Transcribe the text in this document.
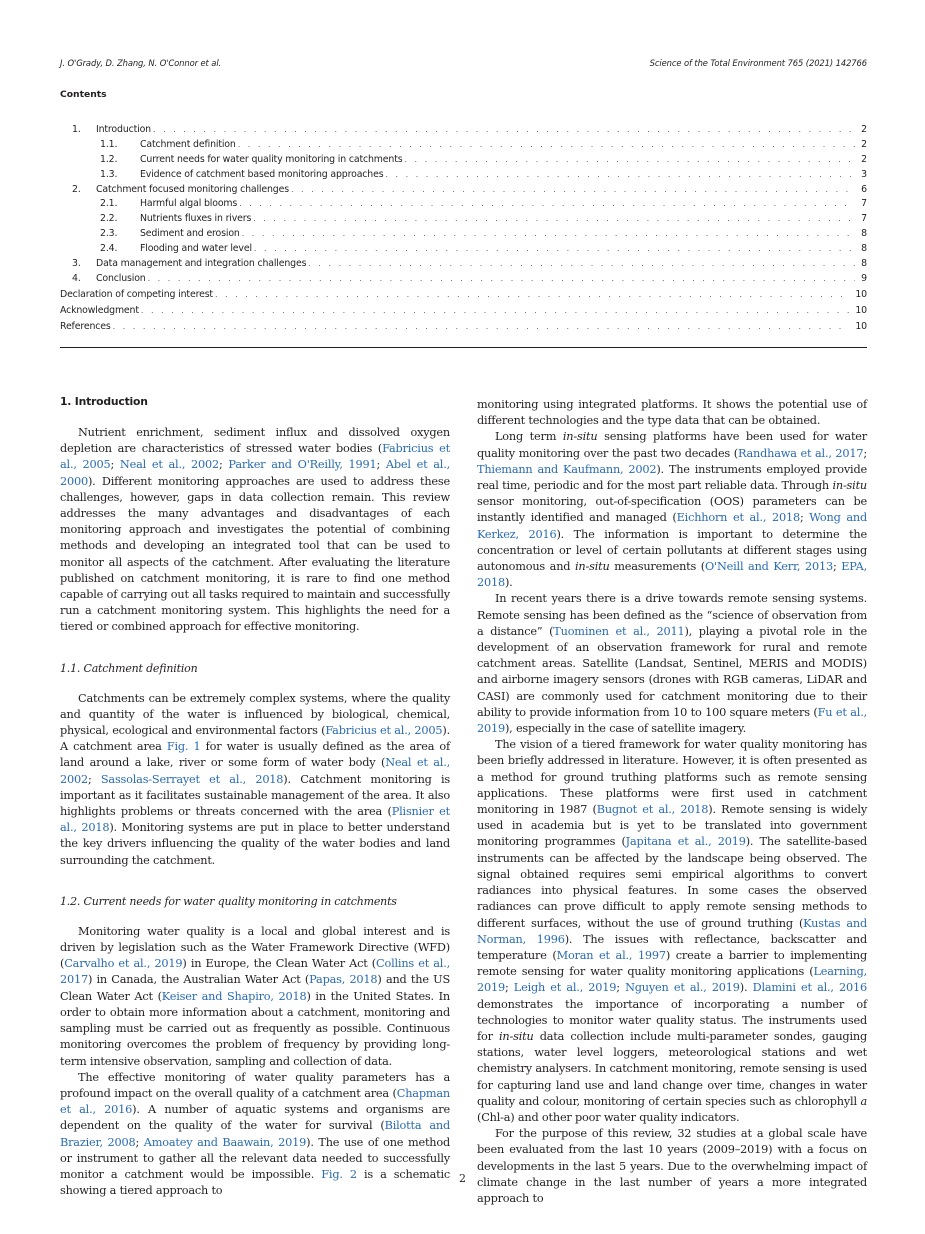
J. O'Grady, D. Zhang, N. O'Connor et al.	Science of the Total Environment 765 (2021) 142766
Contents
1.	Introduction . . .	2
1.1.	Catchment definition . . .	2
1.2.	Current needs for water quality monitoring in catchments . . .	2
1.3.	Evidence of catchment based monitoring approaches . . .	3
2.	Catchment focused monitoring challenges . . .	6
2.1.	Harmful algal blooms . . .	7
2.2.	Nutrients fluxes in rivers . . .	7
2.3.	Sediment and erosion . . .	8
2.4.	Flooding and water level . . .	8
3.	Data management and integration challenges . . .	8
4.	Conclusion . . .	9
Declaration of competing interest . . .	10
Acknowledgment . . .	10
References . . .	10
1. Introduction

Nutrient enrichment, sediment influx and dissolved oxygen depletion are characteristics of stressed water bodies (Fabricius et al., 2005; Neal et al., 2002; Parker and O'Reilly, 1991; Abel et al., 2000). Different monitoring approaches are used to address these challenges, however, gaps in data collection remain. This review addresses the many advantages and disadvantages of each monitoring approach and investigates the potential of combining methods and developing an integrated tool that can be used to monitor all aspects of the catchment. After evaluating the literature published on catchment monitoring, it is rare to find one method capable of carrying out all tasks required to maintain and successfully run a catchment monitoring system. This highlights the need for a tiered or combined approach for effective monitoring.

1.1. Catchment definition

Catchments can be extremely complex systems, where the quality and quantity of the water is influenced by biological, chemical, physical, ecological and environmental factors (Fabricius et al., 2005). A catchment area Fig. 1 for water is usually defined as the area of land around a lake, river or some form of water body (Neal et al., 2002; Sassolas-Serrayet et al., 2018). Catchment monitoring is important as it facilitates sustainable management of the area. It also highlights problems or threats concerned with the area (Plisnier et al., 2018). Monitoring systems are put in place to better understand the key drivers influencing the quality of the water bodies and land surrounding the catchment.

1.2. Current needs for water quality monitoring in catchments

Monitoring water quality is a local and global interest and is driven by legislation such as the Water Framework Directive (WFD) (Carvalho et al., 2019) in Europe, the Clean Water Act (Collins et al., 2017) in Canada, the Australian Water Act (Papas, 2018) and the US Clean Water Act (Keiser and Shapiro, 2018) in the United States. In order to obtain more information about a catchment, monitoring and sampling must be carried out as frequently as possible. Continuous monitoring overcomes the problem of frequency by providing long-term intensive observation, sampling and collection of data.

The effective monitoring of water quality parameters has a profound impact on the overall quality of a catchment area (Chapman et al., 2016). A number of aquatic systems and organisms are dependent on the quality of the water for survival (Bilotta and Brazier, 2008; Amoatey and Baawain, 2019). The use of one method or instrument to gather all the relevant data needed to successfully monitor a catchment would be impossible. Fig. 2 is a schematic showing a tiered approach to

monitoring using integrated platforms. It shows the potential use of different technologies and the type data that can be obtained.

Long term in-situ sensing platforms have been used for water quality monitoring over the past two decades (Randhawa et al., 2017; Thiemann and Kaufmann, 2002). The instruments employed provide real time, periodic and for the most part reliable data. Through in-situ sensor monitoring, out-of-specification (OOS) parameters can be instantly identified and managed (Eichhorn et al., 2018; Wong and Kerkez, 2016). The information is important to determine the concentration or level of certain pollutants at different stages using autonomous and in-situ measurements (O'Neill and Kerr, 2013; EPA, 2018).

In recent years there is a drive towards remote sensing systems. Remote sensing has been defined as the “science of observation from a distance” (Tuominen et al., 2011), playing a pivotal role in the development of an observation framework for rural and remote catchment areas. Satellite (Landsat, Sentinel, MERIS and MODIS) and airborne imagery sensors (drones with RGB cameras, LiDAR and CASI) are commonly used for catchment monitoring due to their ability to provide information from 10 to 100 square meters (Fu et al., 2019), especially in the case of satellite imagery.

The vision of a tiered framework for water quality monitoring has been briefly addressed in literature. However, it is often presented as a method for ground truthing platforms such as remote sensing applications. These platforms were first used in catchment monitoring in 1987 (Bugnot et al., 2018). Remote sensing is widely used in academia but is yet to be translated into government monitoring programmes (Japitana et al., 2019). The satellite-based instruments can be affected by the landscape being observed. The signal obtained requires semi empirical algorithms to convert radiances into physical features. In some cases the observed radiances can prove difficult to apply remote sensing methods to different surfaces, without the use of ground truthing (Kustas and Norman, 1996). The issues with reflectance, backscatter and temperature (Moran et al., 1997) create a barrier to implementing remote sensing for water quality monitoring applications (Learning, 2019; Leigh et al., 2019; Nguyen et al., 2019). Dlamini et al., 2016 demonstrates the importance of incorporating a number of technologies to monitor water quality status. The instruments used for in-situ data collection include multi-parameter sondes, gauging stations, water level loggers, meteorological stations and wet chemistry analysers. In catchment monitoring, remote sensing is used for capturing land use and land change over time, changes in water quality and colour, monitoring of certain species such as chlorophyll a (Chl-a) and other poor water quality indicators.

For the purpose of this review, 32 studies at a global scale have been evaluated from the last 10 years (2009–2019) with a focus on developments in the last 5 years. Due to the overwhelming impact of climate change in the last number of years a more integrated approach to

2
